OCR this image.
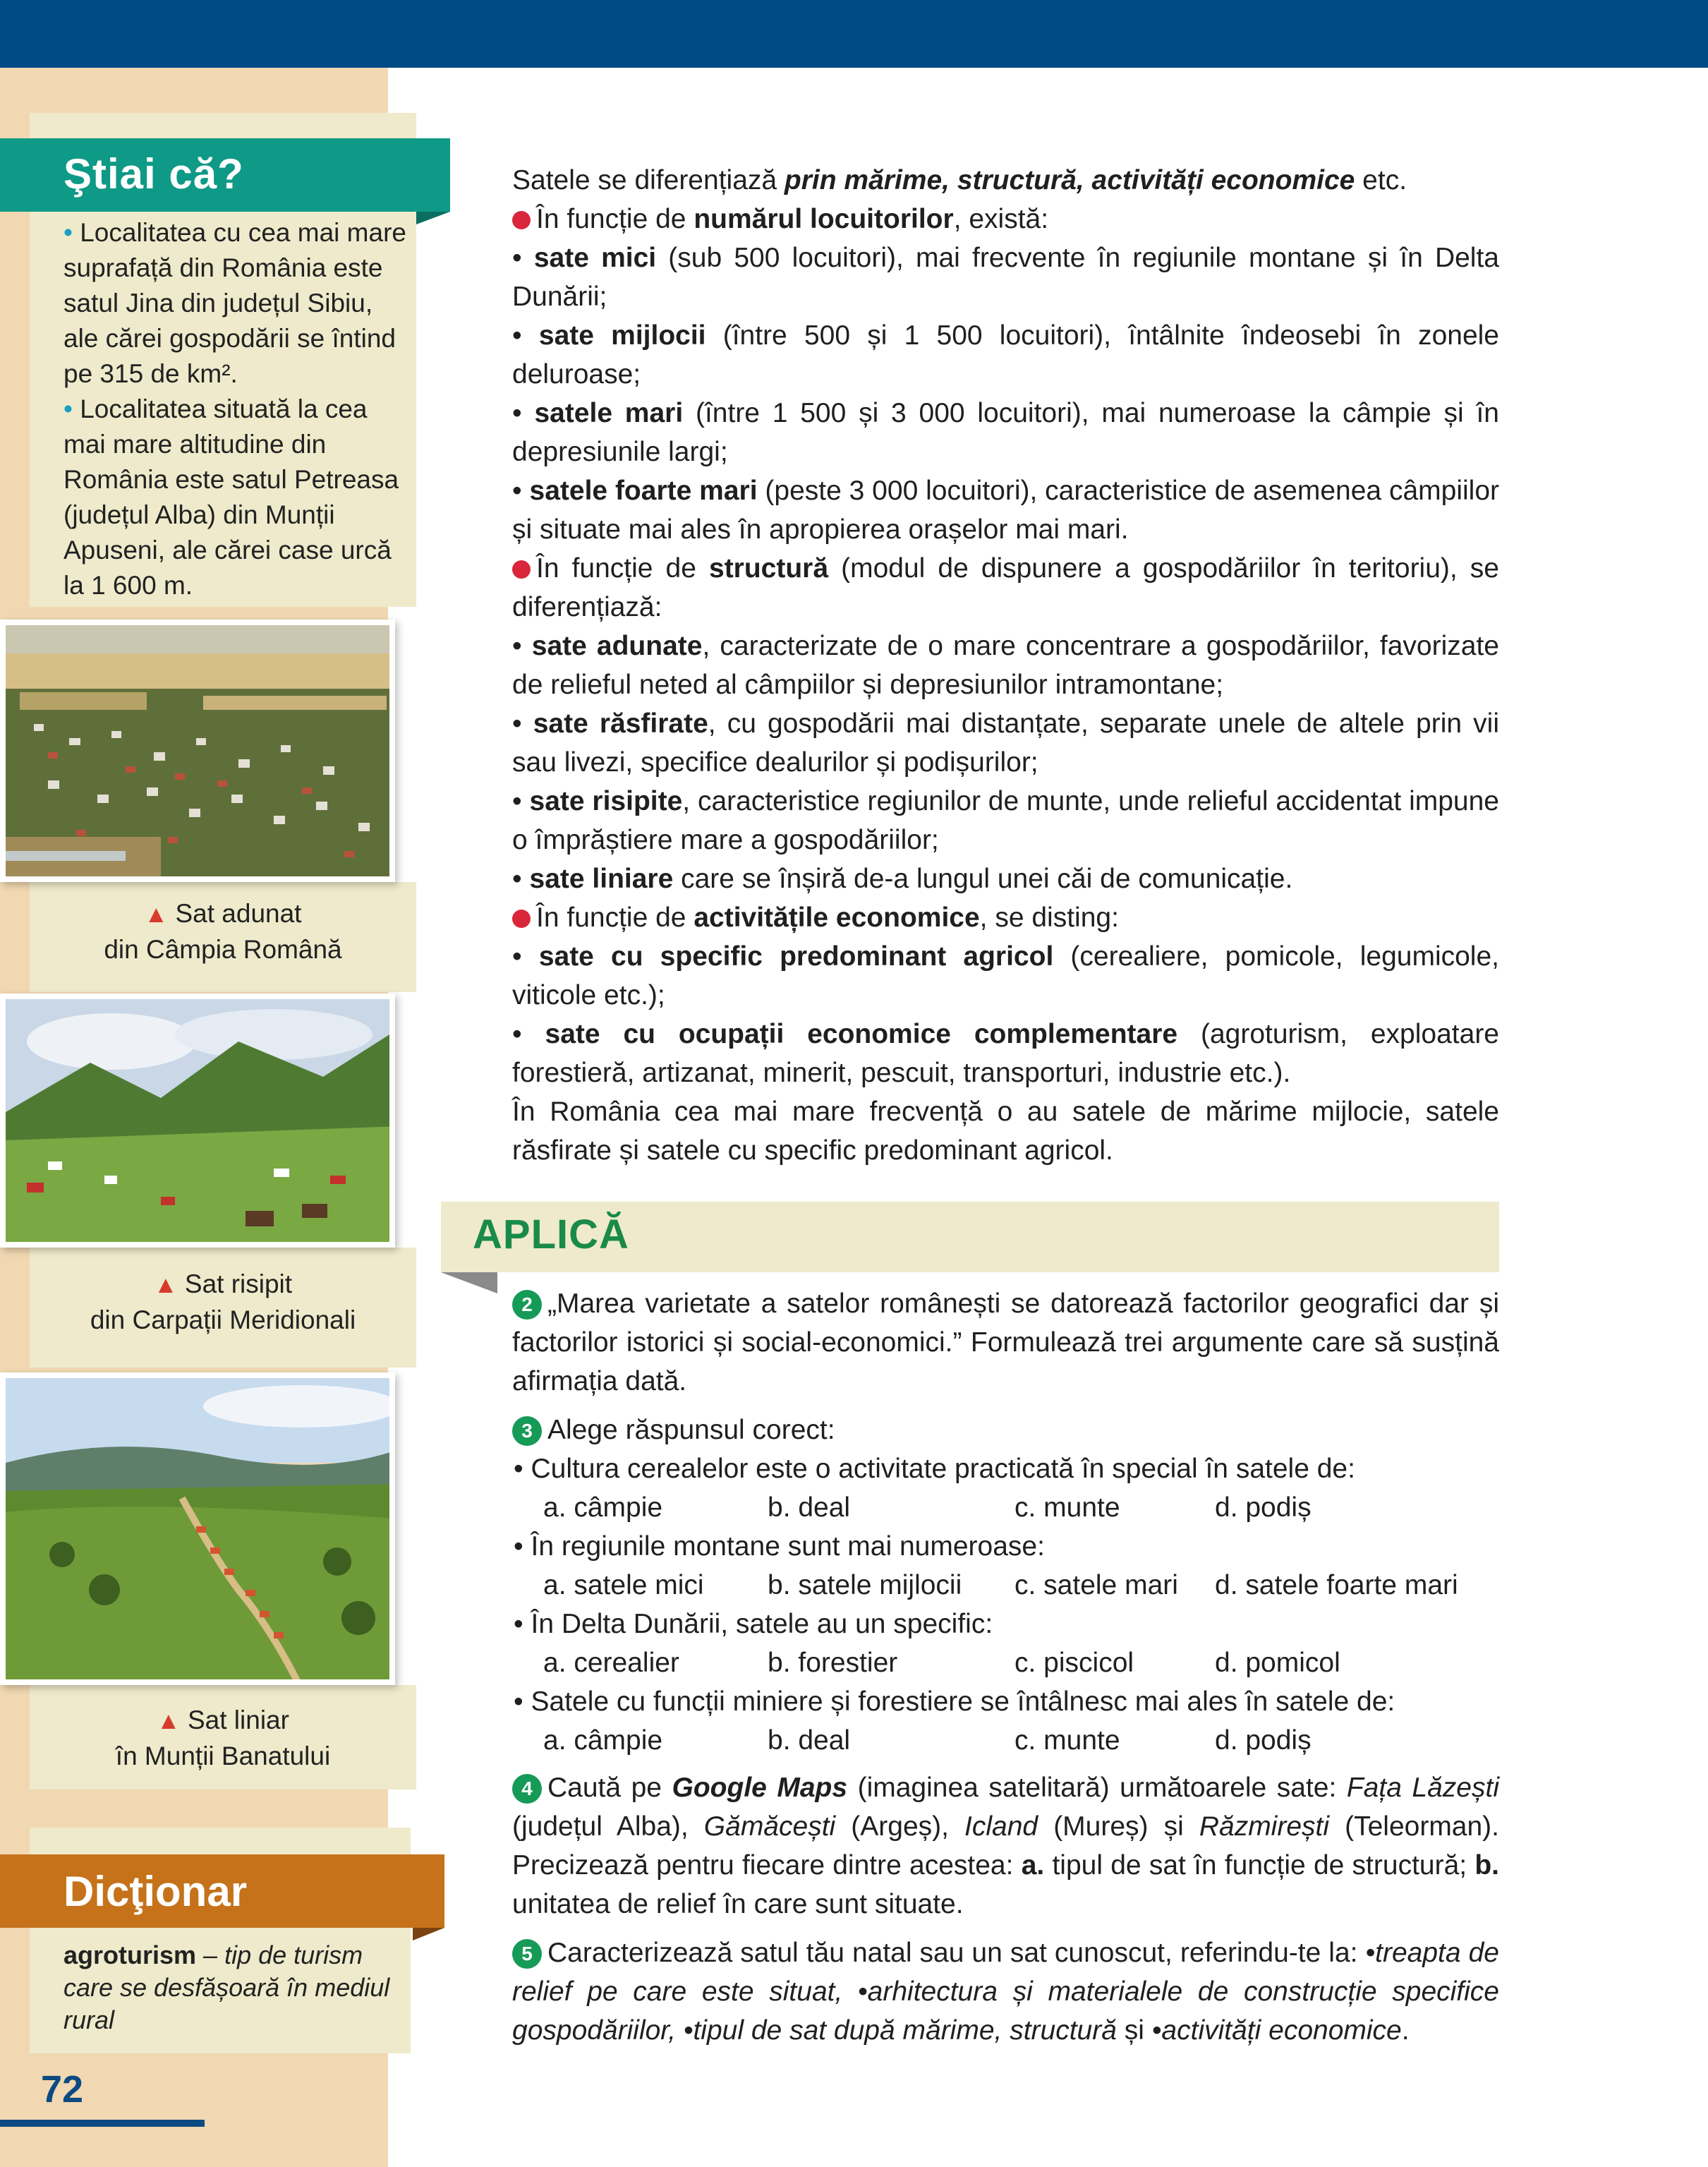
Ştiai că?
• Localitatea cu cea mai mare suprafață din România este satul Jina din județul Sibiu, ale cărei gospodării se întind pe 315 de km².
• Localitatea situată la cea mai mare altitudine din România este satul Petreasa (județul Alba) din Munții Apuseni, ale cărei case urcă la 1 600 m.
▲ Sat adunat
din Câmpia Română
▲ Sat risipit
din Carpații Meridionali
▲ Sat liniar
în Munții Banatului
Dicţionar
agroturism – tip de turism care se desfășoară în mediul rural
72
Satele se diferențiază prin mărime, structură, activități economice etc.
În funcție de numărul locuitorilor, există:
• sate mici (sub 500 locuitori), mai frecvente în regiunile montane și în Delta Dunării;
• sate mijlocii (între 500 și 1 500 locuitori), întâlnite îndeosebi în zonele deluroase;
• satele mari (între 1 500 și 3 000 locuitori), mai numeroase la câmpie și în depresiunile largi;
• satele foarte mari (peste 3 000 locuitori), caracteristice de asemenea câmpiilor și situate mai ales în apropierea orașelor mai mari.
În funcție de structură (modul de dispunere a gospodăriilor în teritoriu), se diferențiază:
• sate adunate, caracterizate de o mare concentrare a gospodăriilor, favorizate de relieful neted al câmpiilor și depresiunilor intramontane;
• sate răsfirate, cu gospodării mai distanțate, separate unele de altele prin vii sau livezi, specifice dealurilor și podișurilor;
• sate risipite, caracteristice regiunilor de munte, unde relieful accidentat impune o împrăștiere mare a gospodăriilor;
• sate liniare care se înșiră de-a lungul unei căi de comunicație.
În funcție de activitățile economice, se disting:
• sate cu specific predominant agricol (cerealiere, pomicole, legumicole, viticole etc.);
• sate cu ocupații economice complementare (agroturism, exploatare forestieră, artizanat, minerit, pescuit, transporturi, industrie etc.).
În România cea mai mare frecvență o au satele de mărime mijlocie, satele răsfirate și satele cu specific predominant agricol.
APLICĂ
2 „Marea varietate a satelor românești se datorează factorilor geografici dar și factorilor istorici și social-economici.” Formulează trei argumente care să susțină afirmația dată.
3 Alege răspunsul corect:
• Cultura cerealelor este o activitate practicată în special în satele de:
a. câmpie	b. deal	c. munte	d. podiș
• În regiunile montane sunt mai numeroase:
a. satele mici	b. satele mijlocii	c. satele mari	d. satele foarte mari
• În Delta Dunării, satele au un specific:
a. cerealier	b. forestier	c. piscicol	d. pomicol
• Satele cu funcții miniere și forestiere se întâlnesc mai ales în satele de:
a. câmpie	b. deal	c. munte	d. podiș
4 Caută pe Google Maps (imaginea satelitară) următoarele sate: Fața Lăzești (județul Alba), Gămăcești (Argeș), Icland (Mureș) și Răzmirești (Teleorman). Precizează pentru fiecare dintre acestea: a. tipul de sat în funcție de structură; b. unitatea de relief în care sunt situate.
5 Caracterizează satul tău natal sau un sat cunoscut, referindu-te la: •treapta de relief pe care este situat, •arhitectura și materialele de construcție specifice gospodăriilor, •tipul de sat după mărime, structură și •activități economice.
